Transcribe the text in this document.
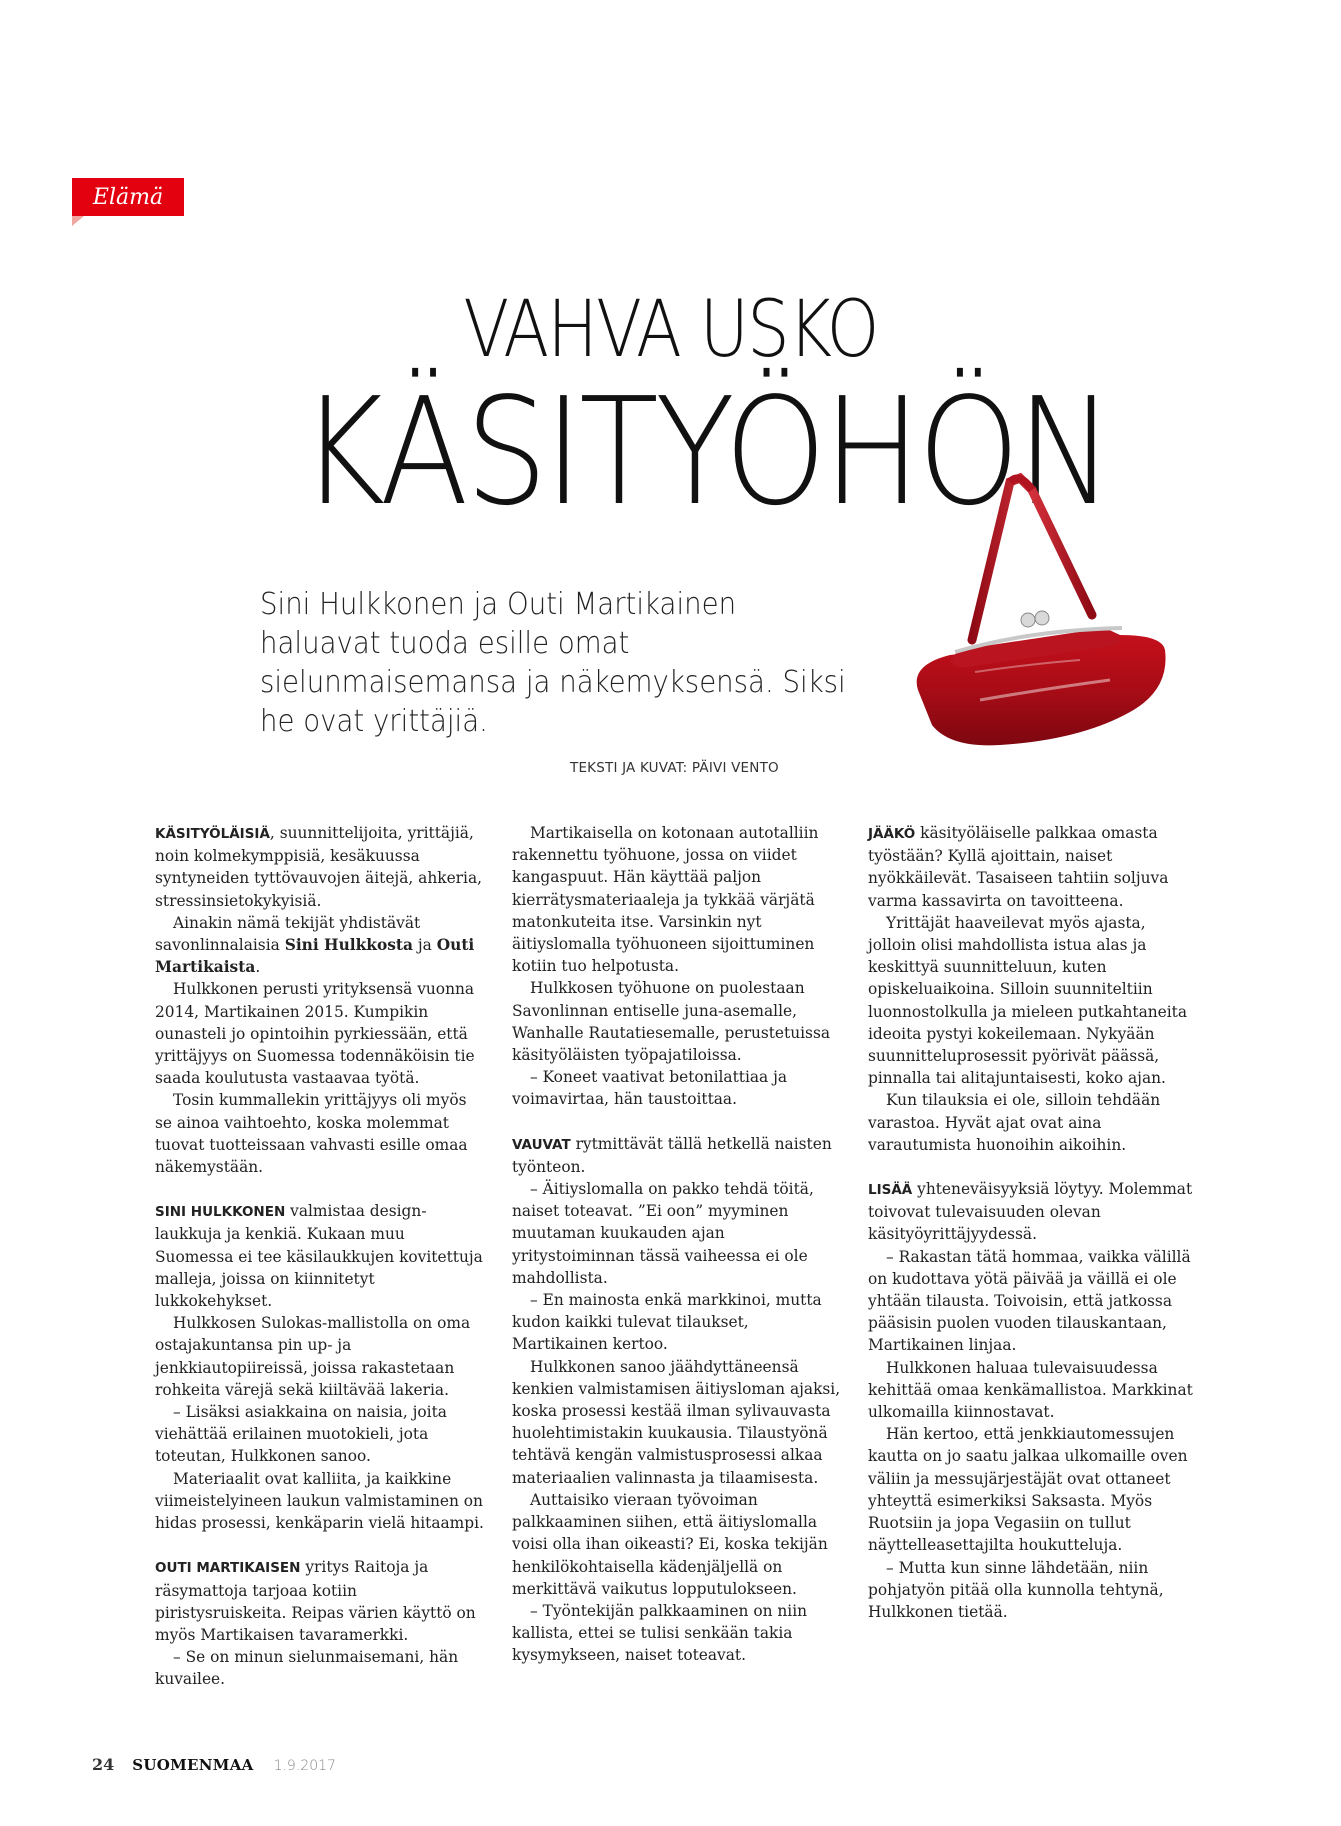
Elämä
VAHVA USKO
KÄSITYÖHÖN
Sini Hulkkonen ja Outi Martikainen haluavat tuoda esille omat sielunmaisemansa ja näkemyksensä. Siksi he ovat yrittäjiä.
TEKSTI JA KUVAT: PÄIVI VENTO

KÄSITYÖLÄISIÄ, suunnittelijoita, yrittäjiä, noin kolmekymppisiä, kesäkuussa syntyneiden tyttövauvojen äitejä, ahkeria, stressinsietokykyisiä.

Ainakin nämä tekijät yhdistävät savonlinnalaisia Sini Hulkkosta ja Outi Martikaista.

Hulkkonen perusti yrityksensä vuonna 2014, Martikainen 2015. Kumpikin ounasteli jo opintoihin pyrkiessään, että yrittäjyys on Suomessa todennäköisin tie saada koulutusta vastaavaa työtä.

Tosin kummallekin yrittäjyys oli myös se ainoa vaihtoehto, koska molemmat tuovat tuotteissaan vahvasti esille omaa näkemystään.

SINI HULKKONEN valmistaa design-laukkuja ja kenkiä. Kukaan muu Suomessa ei tee käsilaukkujen kovitettuja malleja, joissa on kiinnitetyt lukkokehykset.

Hulkkosen Sulokas-mallistolla on oma ostajakuntansa pin up- ja jenkkiautopiireissä, joissa rakastetaan rohkeita värejä sekä kiiltävää lakeria.

– Lisäksi asiakkaina on naisia, joita viehättää erilainen muotokieli, jota toteutan, Hulkkonen sanoo.

Materiaalit ovat kalliita, ja kaikkine viimeistelyineen laukun valmistaminen on hidas prosessi, kenkäparin vielä hitaampi.

OUTI MARTIKAISEN yritys Raitoja ja räsymattoja tarjoaa kotiin piristysruiskeita. Reipas värien käyttö on myös Martikaisen tavaramerkki.

– Se on minun sielunmaisemani, hän kuvailee.

Martikaisella on kotonaan autotalliin rakennettu työhuone, jossa on viidet kangaspuut. Hän käyttää paljon kierrätysmateriaaleja ja tykkää värjätä matonkuteita itse. Varsinkin nyt äitiyslomalla työhuoneen sijoittuminen kotiin tuo helpotusta.

Hulkkosen työhuone on puolestaan Savonlinnan entiselle juna-asemalle, Wanhalle Rautatiesemalle, perustetuissa käsityöläisten työpajatiloissa.

– Koneet vaativat betonilattiaa ja voimavirtaa, hän taustoittaa.

VAUVAT rytmittävät tällä hetkellä naisten työnteon.

– Äitiyslomalla on pakko tehdä töitä, naiset toteavat. ”Ei oon” myyminen muutaman kuukauden ajan yritystoiminnan tässä vaiheessa ei ole mahdollista.

– En mainosta enkä markkinoi, mutta kudon kaikki tulevat tilaukset, Martikainen kertoo.

Hulkkonen sanoo jäähdyttäneensä kenkien valmistamisen äitiysloman ajaksi, koska prosessi kestää ilman sylivauvasta huolehtimistakin kuukausia. Tilaustyönä tehtävä kengän valmistusprosessi alkaa materiaalien valinnasta ja tilaamisesta.

Auttaisiko vieraan työvoiman palkkaaminen siihen, että äitiyslomalla voisi olla ihan oikeasti? Ei, koska tekijän henkilökohtaisella kädenjäljellä on merkittävä vaikutus lopputulokseen.

– Työntekijän palkkaaminen on niin kallista, ettei se tulisi senkään takia kysymykseen, naiset toteavat.

JÄÄKÖ käsityöläiselle palkkaa omasta työstään? Kyllä ajoittain, naiset nyökkäilevät. Tasaiseen tahtiin soljuva varma kassavirta on tavoitteena.

Yrittäjät haaveilevat myös ajasta, jolloin olisi mahdollista istua alas ja keskittyä suunnitteluun, kuten opiskeluaikoina. Silloin suunniteltiin luonnostolkulla ja mieleen putkahtaneita ideoita pystyi kokeilemaan. Nykyään suunnitteluprosessit pyörivät päässä, pinnalla tai alitajuntaisesti, koko ajan.

Kun tilauksia ei ole, silloin tehdään varastoa. Hyvät ajat ovat aina varautumista huonoihin aikoihin.

LISÄÄ yhteneväisyyksiä löytyy. Molemmat toivovat tulevaisuuden olevan käsityöyrittäjyydessä.

– Rakastan tätä hommaa, vaikka välillä on kudottava yötä päivää ja väillä ei ole yhtään tilausta. Toivoisin, että jatkossa pääsisin puolen vuoden tilauskantaan, Martikainen linjaa.

Hulkkonen haluaa tulevaisuudessa kehittää omaa kenkämallistoa. Markkinat ulkomailla kiinnostavat.

Hän kertoo, että jenkkiautomessujen kautta on jo saatu jalkaa ulkomaille oven väliin ja messujärjestäjät ovat ottaneet yhteyttä esimerkiksi Saksasta. Myös Ruotsiin ja jopa Vegasiin on tullut näyttelleasettajilta houkutteluja.

– Mutta kun sinne lähdetään, niin pohjatyön pitää olla kunnolla tehtynä, Hulkkonen tietää.

24 SUOMENMAA 1.9.2017
